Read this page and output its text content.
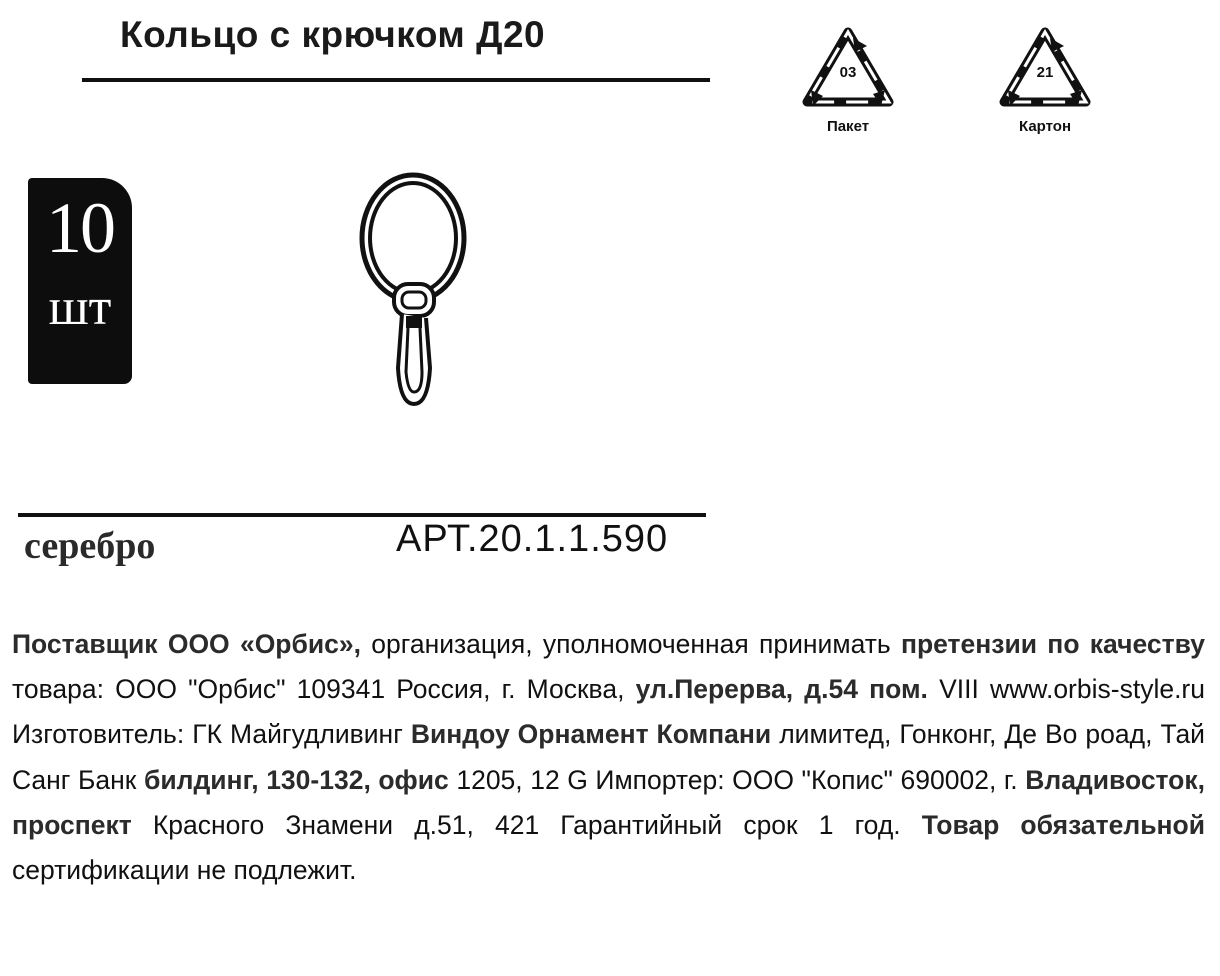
Кольцо с крючком Д20
03
Пакет
21
Картон
10
шт
серебро	АРТ.20.1.1.590
Поставщик ООО «Орбис», организация, уполномоченная принимать претензии по качеству товара: ООО "Орбис" 109341 Россия, г. Москва, ул.Перерва, д.54 пом. VIII www.orbis-style.ru Изготовитель: ГК Майгудливинг Виндоу Орнамент Компани лимитед, Гонконг, Де Во роад, Тай Санг Банк билдинг, 130-132, офис 1205, 12 G Импортер: ООО "Копис" 690002, г. Владивосток, проспект Красного Знамени д.51, 421 Гарантийный срок 1 год. Товар обязательной сертификации не подлежит.
